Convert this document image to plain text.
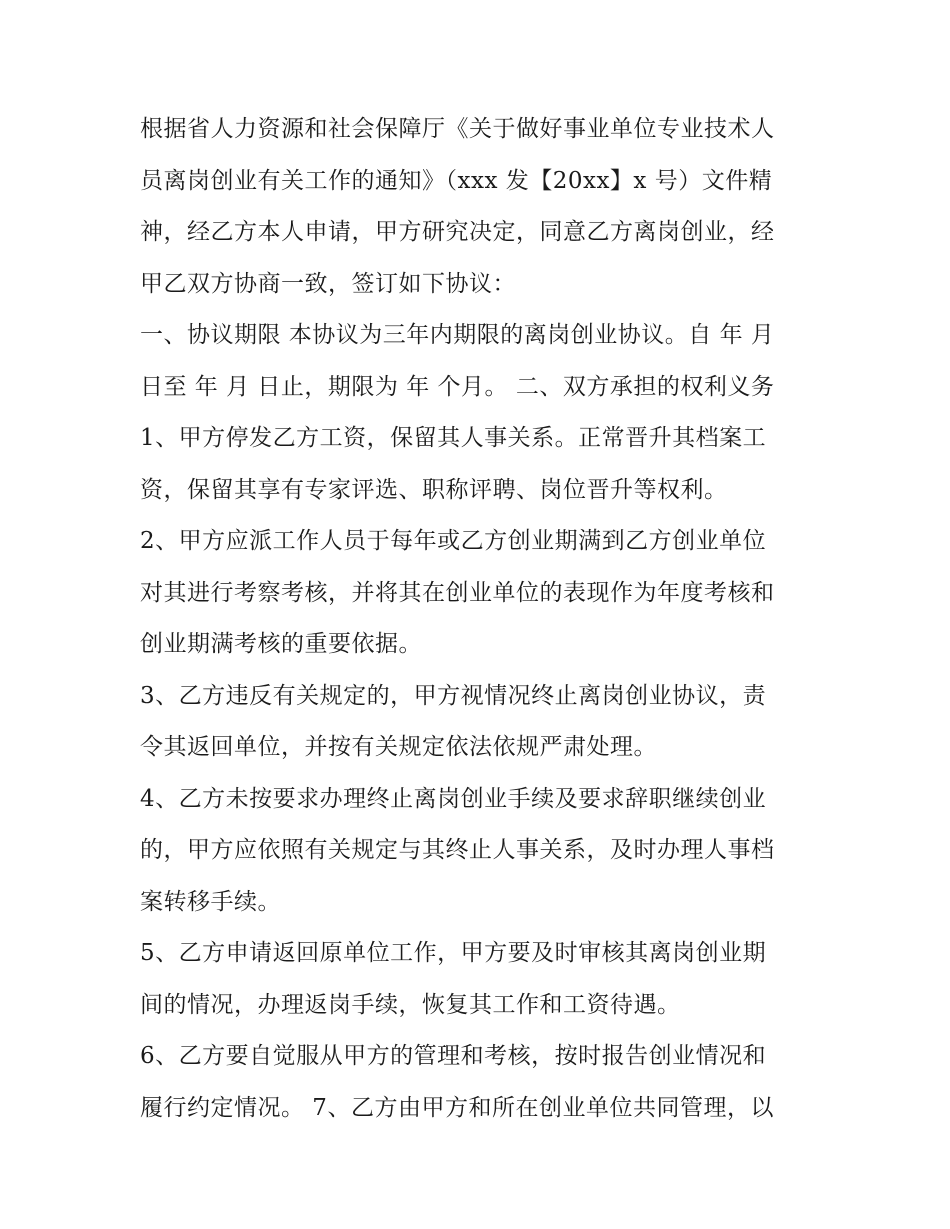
根据省人力资源和社会保障厅《关于做好事业单位专业技术人
员离岗创业有关工作的通知》（xxx 发【20xx】x 号）文件精
神，经乙方本人申请，甲方研究决定，同意乙方离岗创业，经
甲乙双方协商一致，签订如下协议：
一、协议期限 本协议为三年内期限的离岗创业协议。自 年 月
日至 年 月 日止，期限为 年 个月。 二、双方承担的权利义务
1、甲方停发乙方工资，保留其人事关系。正常晋升其档案工
资，保留其享有专家评选、职称评聘、岗位晋升等权利。
2、甲方应派工作人员于每年或乙方创业期满到乙方创业单位
对其进行考察考核，并将其在创业单位的表现作为年度考核和
创业期满考核的重要依据。
3、乙方违反有关规定的，甲方视情况终止离岗创业协议，责
令其返回单位，并按有关规定依法依规严肃处理。
4、乙方未按要求办理终止离岗创业手续及要求辞职继续创业
的，甲方应依照有关规定与其终止人事关系，及时办理人事档
案转移手续。
5、乙方申请返回原单位工作，甲方要及时审核其离岗创业期
间的情况，办理返岗手续，恢复其工作和工资待遇。
6、乙方要自觉服从甲方的管理和考核，按时报告创业情况和
履行约定情况。 7、乙方由甲方和所在创业单位共同管理，以
